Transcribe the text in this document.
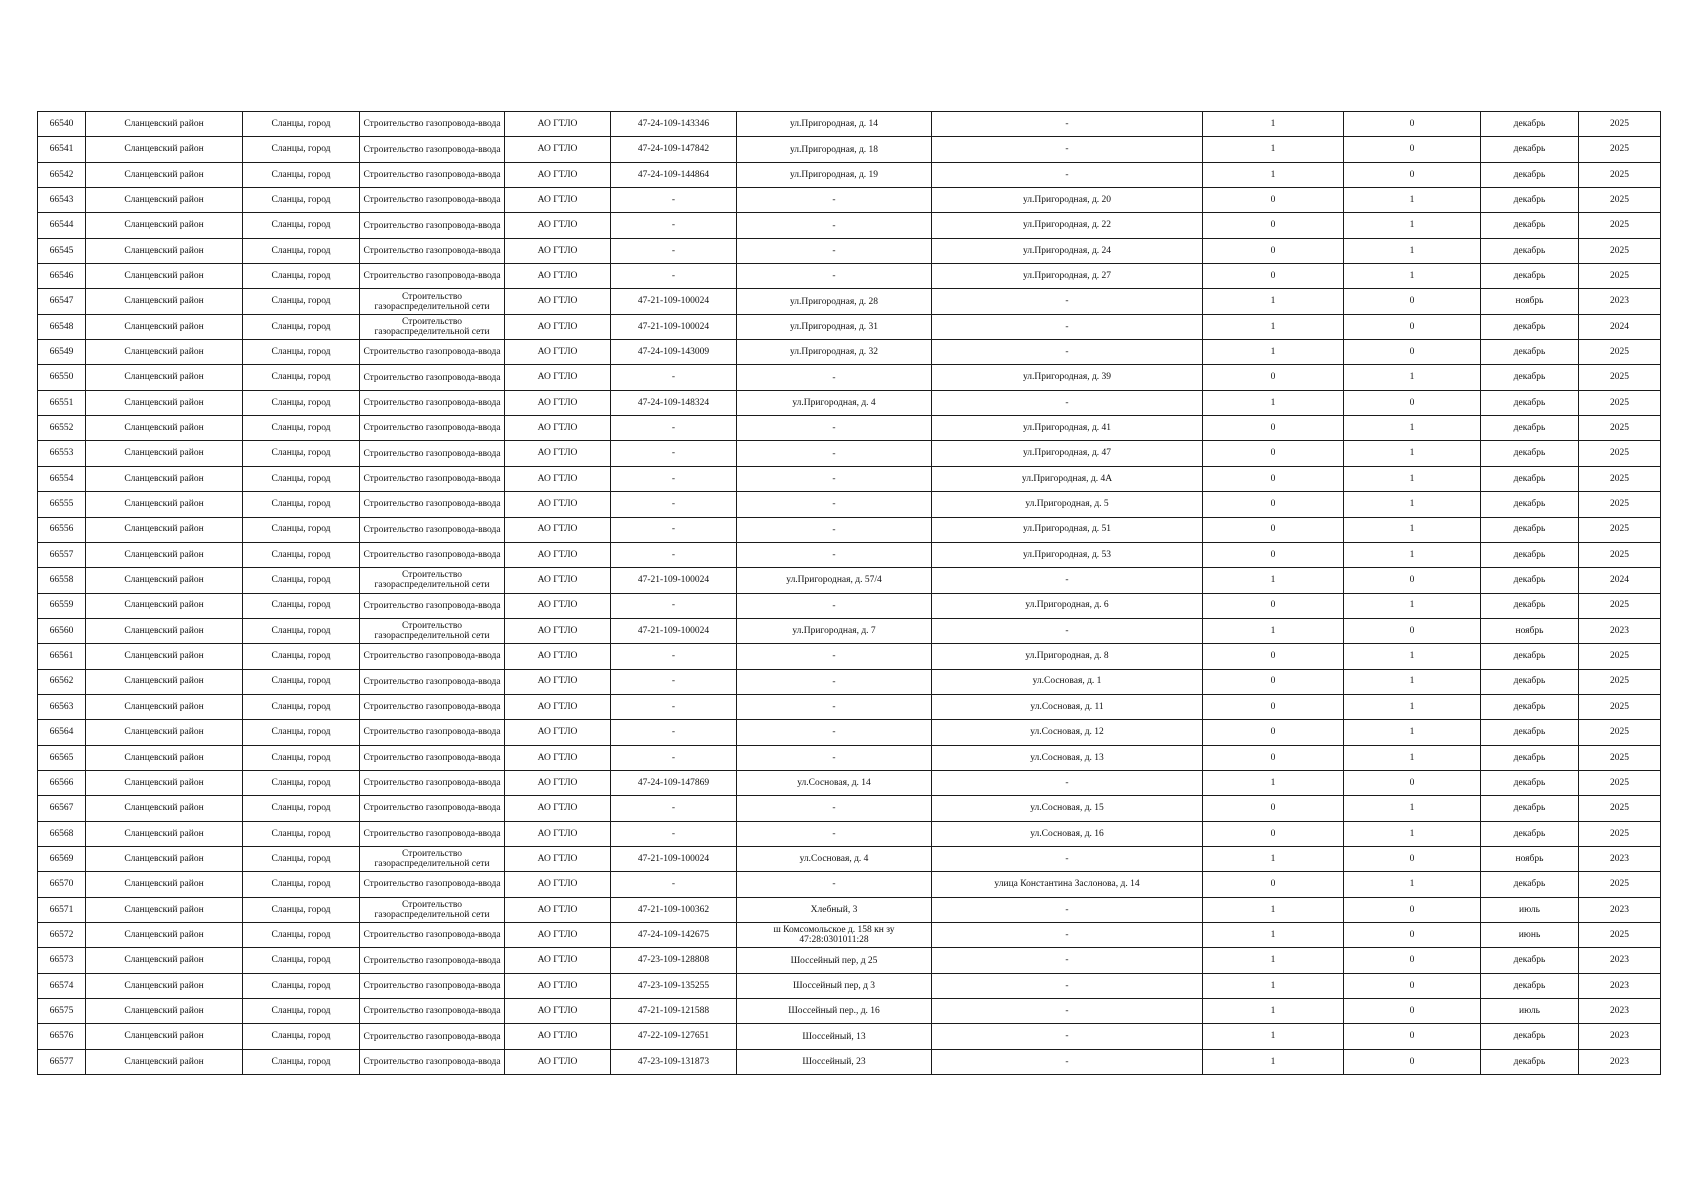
66540	Сланцевский район	Сланцы, город	Строительство газопровода-ввода	АО ГТЛО	47-24-109-143346	ул.Пригородная, д. 14	-	1	0	декабрь	2025
66541	Сланцевский район	Сланцы, город	Строительство газопровода-ввода	АО ГТЛО	47-24-109-147842	ул.Пригородная, д. 18	-	1	0	декабрь	2025
66542	Сланцевский район	Сланцы, город	Строительство газопровода-ввода	АО ГТЛО	47-24-109-144864	ул.Пригородная, д. 19	-	1	0	декабрь	2025
66543	Сланцевский район	Сланцы, город	Строительство газопровода-ввода	АО ГТЛО	-	-	ул.Пригородная, д. 20	0	1	декабрь	2025
66544	Сланцевский район	Сланцы, город	Строительство газопровода-ввода	АО ГТЛО	-	-	ул.Пригородная, д. 22	0	1	декабрь	2025
66545	Сланцевский район	Сланцы, город	Строительство газопровода-ввода	АО ГТЛО	-	-	ул.Пригородная, д. 24	0	1	декабрь	2025
66546	Сланцевский район	Сланцы, город	Строительство газопровода-ввода	АО ГТЛО	-	-	ул.Пригородная, д. 27	0	1	декабрь	2025
66547	Сланцевский район	Сланцы, город	Строительство газораспределительной сети	АО ГТЛО	47-21-109-100024	ул.Пригородная, д. 28	-	1	0	ноябрь	2023
66548	Сланцевский район	Сланцы, город	Строительство газораспределительной сети	АО ГТЛО	47-21-109-100024	ул.Пригородная, д. 31	-	1	0	декабрь	2024
66549	Сланцевский район	Сланцы, город	Строительство газопровода-ввода	АО ГТЛО	47-24-109-143009	ул.Пригородная, д. 32	-	1	0	декабрь	2025
66550	Сланцевский район	Сланцы, город	Строительство газопровода-ввода	АО ГТЛО	-	-	ул.Пригородная, д. 39	0	1	декабрь	2025
66551	Сланцевский район	Сланцы, город	Строительство газопровода-ввода	АО ГТЛО	47-24-109-148324	ул.Пригородная, д. 4	-	1	0	декабрь	2025
66552	Сланцевский район	Сланцы, город	Строительство газопровода-ввода	АО ГТЛО	-	-	ул.Пригородная, д. 41	0	1	декабрь	2025
66553	Сланцевский район	Сланцы, город	Строительство газопровода-ввода	АО ГТЛО	-	-	ул.Пригородная, д. 47	0	1	декабрь	2025
66554	Сланцевский район	Сланцы, город	Строительство газопровода-ввода	АО ГТЛО	-	-	ул.Пригородная, д. 4А	0	1	декабрь	2025
66555	Сланцевский район	Сланцы, город	Строительство газопровода-ввода	АО ГТЛО	-	-	ул.Пригородная, д. 5	0	1	декабрь	2025
66556	Сланцевский район	Сланцы, город	Строительство газопровода-ввода	АО ГТЛО	-	-	ул.Пригородная, д. 51	0	1	декабрь	2025
66557	Сланцевский район	Сланцы, город	Строительство газопровода-ввода	АО ГТЛО	-	-	ул.Пригородная, д. 53	0	1	декабрь	2025
66558	Сланцевский район	Сланцы, город	Строительство газораспределительной сети	АО ГТЛО	47-21-109-100024	ул.Пригородная, д. 57/4	-	1	0	декабрь	2024
66559	Сланцевский район	Сланцы, город	Строительство газопровода-ввода	АО ГТЛО	-	-	ул.Пригородная, д. 6	0	1	декабрь	2025
66560	Сланцевский район	Сланцы, город	Строительство газораспределительной сети	АО ГТЛО	47-21-109-100024	ул.Пригородная, д. 7	-	1	0	ноябрь	2023
66561	Сланцевский район	Сланцы, город	Строительство газопровода-ввода	АО ГТЛО	-	-	ул.Пригородная, д. 8	0	1	декабрь	2025
66562	Сланцевский район	Сланцы, город	Строительство газопровода-ввода	АО ГТЛО	-	-	ул.Сосновая, д. 1	0	1	декабрь	2025
66563	Сланцевский район	Сланцы, город	Строительство газопровода-ввода	АО ГТЛО	-	-	ул.Сосновая, д. 11	0	1	декабрь	2025
66564	Сланцевский район	Сланцы, город	Строительство газопровода-ввода	АО ГТЛО	-	-	ул.Сосновая, д. 12	0	1	декабрь	2025
66565	Сланцевский район	Сланцы, город	Строительство газопровода-ввода	АО ГТЛО	-	-	ул.Сосновая, д. 13	0	1	декабрь	2025
66566	Сланцевский район	Сланцы, город	Строительство газопровода-ввода	АО ГТЛО	47-24-109-147869	ул.Сосновая, д. 14	-	1	0	декабрь	2025
66567	Сланцевский район	Сланцы, город	Строительство газопровода-ввода	АО ГТЛО	-	-	ул.Сосновая, д. 15	0	1	декабрь	2025
66568	Сланцевский район	Сланцы, город	Строительство газопровода-ввода	АО ГТЛО	-	-	ул.Сосновая, д. 16	0	1	декабрь	2025
66569	Сланцевский район	Сланцы, город	Строительство газораспределительной сети	АО ГТЛО	47-21-109-100024	ул.Сосновая, д. 4	-	1	0	ноябрь	2023
66570	Сланцевский район	Сланцы, город	Строительство газопровода-ввода	АО ГТЛО	-	-	улица Константина Заслонова, д. 14	0	1	декабрь	2025
66571	Сланцевский район	Сланцы, город	Строительство газораспределительной сети	АО ГТЛО	47-21-109-100362	Хлебный, 3	-	1	0	июль	2023
66572	Сланцевский район	Сланцы, город	Строительство газопровода-ввода	АО ГТЛО	47-24-109-142675	ш Комсомольское д. 158 кн зу 47:28:0301011:28	-	1	0	июнь	2025
66573	Сланцевский район	Сланцы, город	Строительство газопровода-ввода	АО ГТЛО	47-23-109-128808	Шоссейный пер, д 25	-	1	0	декабрь	2023
66574	Сланцевский район	Сланцы, город	Строительство газопровода-ввода	АО ГТЛО	47-23-109-135255	Шоссейный пер, д 3	-	1	0	декабрь	2023
66575	Сланцевский район	Сланцы, город	Строительство газопровода-ввода	АО ГТЛО	47-21-109-121588	Шоссейный пер., д. 16	-	1	0	июль	2023
66576	Сланцевский район	Сланцы, город	Строительство газопровода-ввода	АО ГТЛО	47-22-109-127651	Шоссейный, 13	-	1	0	декабрь	2023
66577	Сланцевский район	Сланцы, город	Строительство газопровода-ввода	АО ГТЛО	47-23-109-131873	Шоссейный, 23	-	1	0	декабрь	2023
